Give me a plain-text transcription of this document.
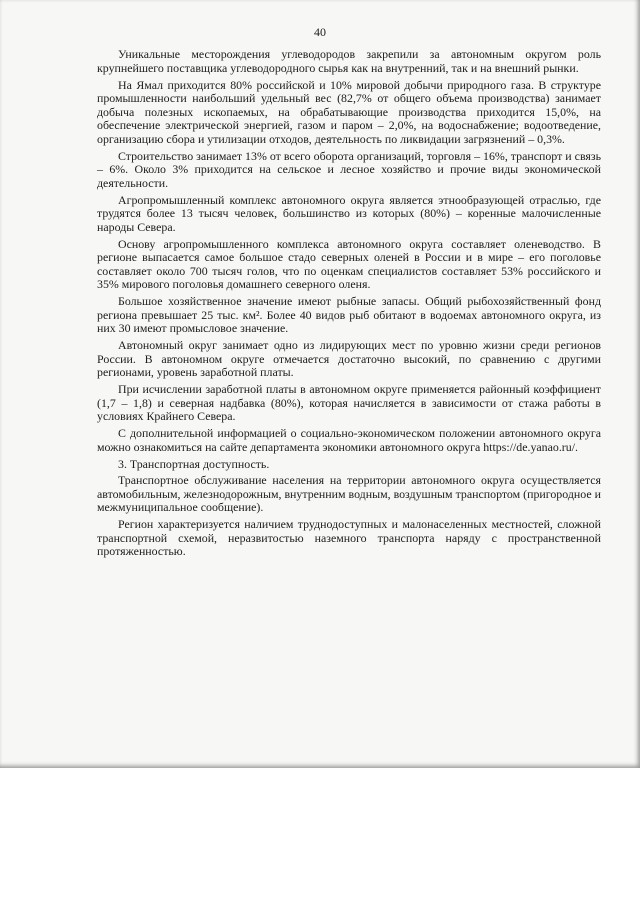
40

Уникальные месторождения углеводородов закрепили за автономным округом роль крупнейшего поставщика углеводородного сырья как на внутренний, так и на внешний рынки.

На Ямал приходится 80% российской и 10% мировой добычи природного газа. В структуре промышленности наибольший удельный вес (82,7% от общего объема производства) занимает добыча полезных ископаемых, на обрабатывающие производства приходится 15,0%, на обеспечение электрической энергией, газом и паром – 2,0%, на водоснабжение; водоотведение, организацию сбора и утилизации отходов, деятельность по ликвидации загрязнений – 0,3%.

Строительство занимает 13% от всего оборота организаций, торговля – 16%, транспорт и связь – 6%. Около 3% приходится на сельское и лесное хозяйство и прочие виды экономической деятельности.

Агропромышленный комплекс автономного округа является этнообразующей отраслью, где трудятся более 13 тысяч человек, большинство из которых (80%) – коренные малочисленные народы Севера.

Основу агропромышленного комплекса автономного округа составляет оленеводство. В регионе выпасается самое большое стадо северных оленей в России и в мире – его поголовье составляет около 700 тысяч голов, что по оценкам специалистов составляет 53% российского и 35% мирового поголовья домашнего северного оленя.

Большое хозяйственное значение имеют рыбные запасы. Общий рыбохозяйственный фонд региона превышает 25 тыс. км². Более 40 видов рыб обитают в водоемах автономного округа, из них 30 имеют промысловое значение.

Автономный округ занимает одно из лидирующих мест по уровню жизни среди регионов России. В автономном округе отмечается достаточно высокий, по сравнению с другими регионами, уровень заработной платы.

При исчислении заработной платы в автономном округе применяется районный коэффициент (1,7 – 1,8) и северная надбавка (80%), которая начисляется в зависимости от стажа работы в условиях Крайнего Севера.

С дополнительной информацией о социально-экономическом положении автономного округа можно ознакомиться на сайте департамента экономики автономного округа https://de.yanao.ru/.

3. Транспортная доступность.

Транспортное обслуживание населения на территории автономного округа осуществляется автомобильным, железнодорожным, внутренним водным, воздушным транспортом (пригородное и межмуниципальное сообщение).

Регион характеризуется наличием труднодоступных и малонаселенных местностей, сложной транспортной схемой, неразвитостью наземного транспорта наряду с пространственной протяженностью.
